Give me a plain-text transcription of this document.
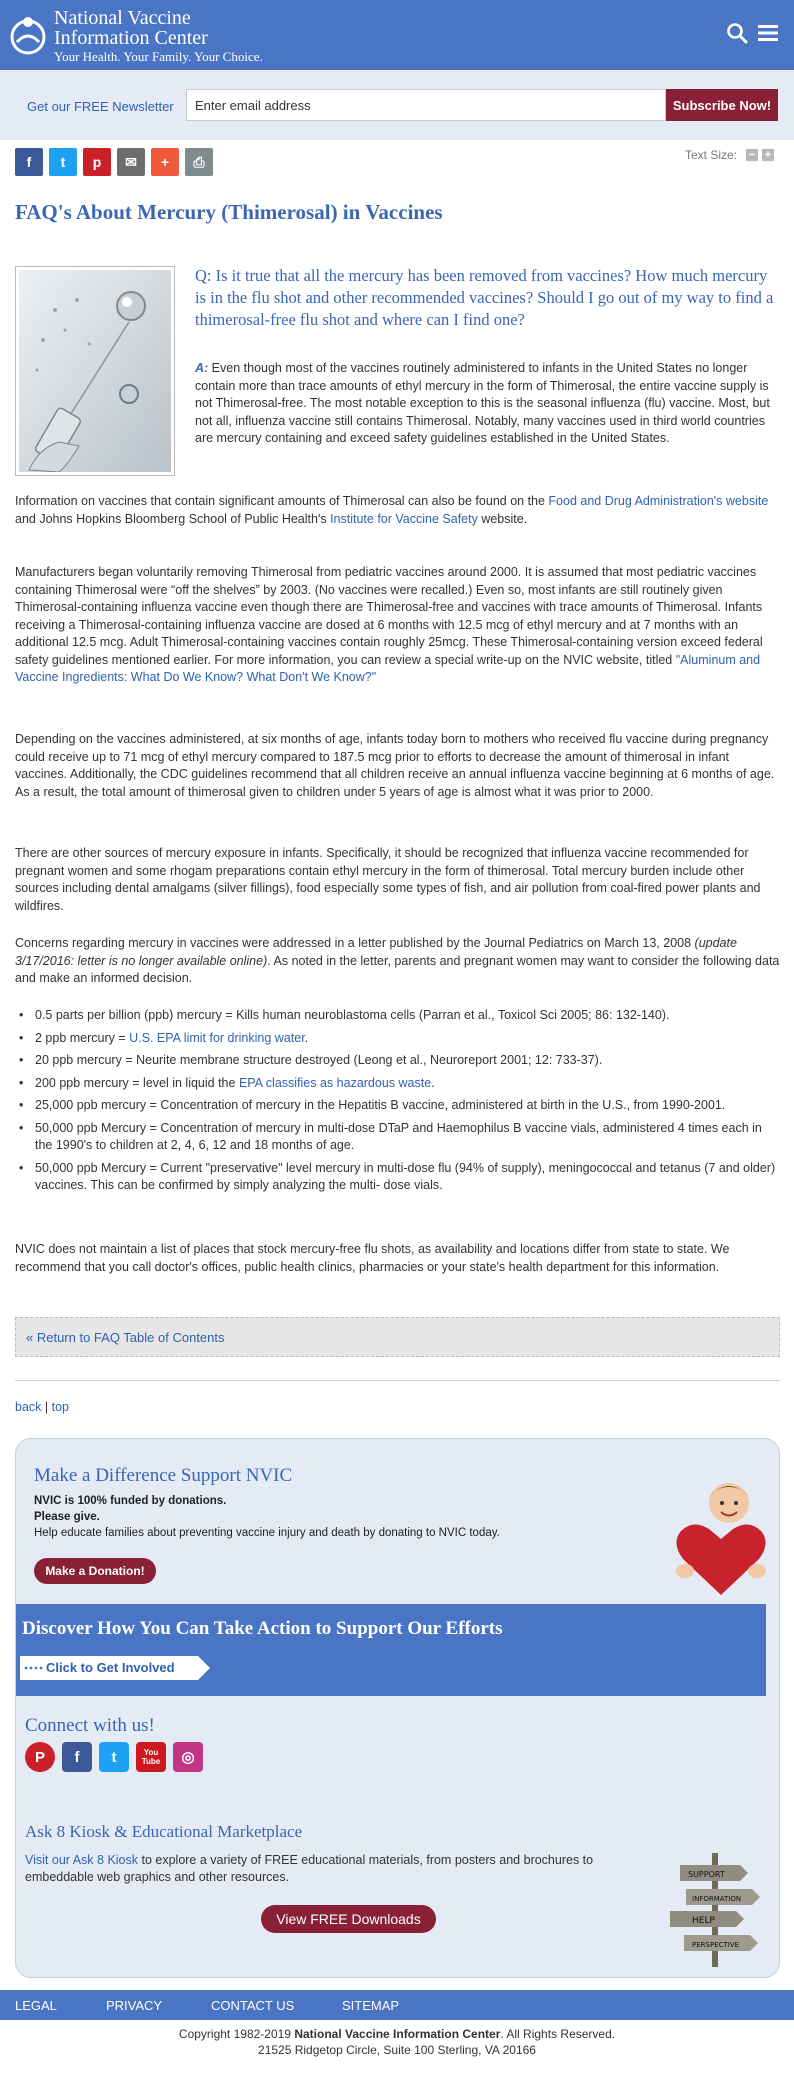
National Vaccine
Information Center
Your Health. Your Family. Your Choice.
Get our FREE Newsletter
Enter email address	Subscribe Now!
f	t	p	✉	+	⎙	Text Size: − +
FAQ's About Mercury (Thimerosal) in Vaccines
Q: Is it true that all the mercury has been removed from vaccines? How much mercury is in the flu shot and other recommended vaccines? Should I go out of my way to find a thimerosal-free flu shot and where can I find one?

A: Even though most of the vaccines routinely administered to infants in the United States no longer contain more than trace amounts of ethyl mercury in the form of Thimerosal, the entire vaccine supply is not Thimerosal-free. The most notable exception to this is the seasonal influenza (flu) vaccine. Most, but not all, influenza vaccine still contains Thimerosal. Notably, many vaccines used in third world countries are mercury containing and exceed safety guidelines established in the United States.

Information on vaccines that contain significant amounts of Thimerosal can also be found on the Food and Drug Administration's website and Johns Hopkins Bloomberg School of Public Health's Institute for Vaccine Safety website.

Manufacturers began voluntarily removing Thimerosal from pediatric vaccines around 2000. It is assumed that most pediatric vaccines containing Thimerosal were “off the shelves” by 2003. (No vaccines were recalled.) Even so, most infants are still routinely given Thimerosal-containing influenza vaccine even though there are Thimerosal-free and vaccines with trace amounts of Thimerosal. Infants receiving a Thimerosal-containing influenza vaccine are dosed at 6 months with 12.5 mcg of ethyl mercury and at 7 months with an additional 12.5 mcg. Adult Thimerosal-containing vaccines contain roughly 25mcg. These Thimerosal-containing version exceed federal safety guidelines mentioned earlier. For more information, you can review a special write-up on the NVIC website, titled "Aluminum and Vaccine Ingredients: What Do We Know? What Don't We Know?"

Depending on the vaccines administered, at six months of age, infants today born to mothers who received flu vaccine during pregnancy could receive up to 71 mcg of ethyl mercury compared to 187.5 mcg prior to efforts to decrease the amount of thimerosal in infant vaccines. Additionally, the CDC guidelines recommend that all children receive an annual influenza vaccine beginning at 6 months of age. As a result, the total amount of thimerosal given to children under 5 years of age is almost what it was prior to 2000.

There are other sources of mercury exposure in infants. Specifically, it should be recognized that influenza vaccine recommended for pregnant women and some rhogam preparations contain ethyl mercury in the form of thimerosal. Total mercury burden include other sources including dental amalgams (silver fillings), food especially some types of fish, and air pollution from coal-fired power plants and wildfires.

Concerns regarding mercury in vaccines were addressed in a letter published by the Journal Pediatrics on March 13, 2008 (update 3/17/2016: letter is no longer available online). As noted in the letter, parents and pregnant women may want to consider the following data and make an informed decision.

• 0.5 parts per billion (ppb) mercury = Kills human neuroblastoma cells (Parran et al., Toxicol Sci 2005; 86: 132-140).
• 2 ppb mercury = U.S. EPA limit for drinking water.
• 20 ppb mercury = Neurite membrane structure destroyed (Leong et al., Neuroreport 2001; 12: 733-37).
• 200 ppb mercury = level in liquid the EPA classifies as hazardous waste.
• 25,000 ppb mercury = Concentration of mercury in the Hepatitis B vaccine, administered at birth in the U.S., from 1990-2001.
• 50,000 ppb Mercury = Concentration of mercury in multi-dose DTaP and Haemophilus B vaccine vials, administered 4 times each in the 1990's to children at 2, 4, 6, 12 and 18 months of age.
• 50,000 ppb Mercury = Current "preservative" level mercury in multi-dose flu (94% of supply), meningococcal and tetanus (7 and older) vaccines. This can be confirmed by simply analyzing the multi- dose vials.

NVIC does not maintain a list of places that stock mercury-free flu shots, as availability and locations differ from state to state. We recommend that you call doctor's offices, public health clinics, pharmacies or your state's health department for this information.

« Return to FAQ Table of Contents
back | top
Make a Difference Support NVIC
NVIC is 100% funded by donations.
Please give.
Help educate families about preventing vaccine injury and death by donating to NVIC today.
Make a Donation!
Discover How You Can Take Action to Support Our Efforts
Click to Get Involved
Connect with us!
P	f	t	You Tube	◎
Ask 8 Kiosk & Educational Marketplace
Visit our Ask 8 Kiosk to explore a variety of FREE educational materials, from posters and brochures to embeddable web graphics and other resources.
View FREE Downloads
SUPPORT
INFORMATION
HELP
PERSPECTIVE
LEGAL	PRIVACY	CONTACT US	SITEMAP
Copyright 1982-2019 National Vaccine Information Center. All Rights Reserved.
21525 Ridgetop Circle, Suite 100 Sterling, VA 20166
